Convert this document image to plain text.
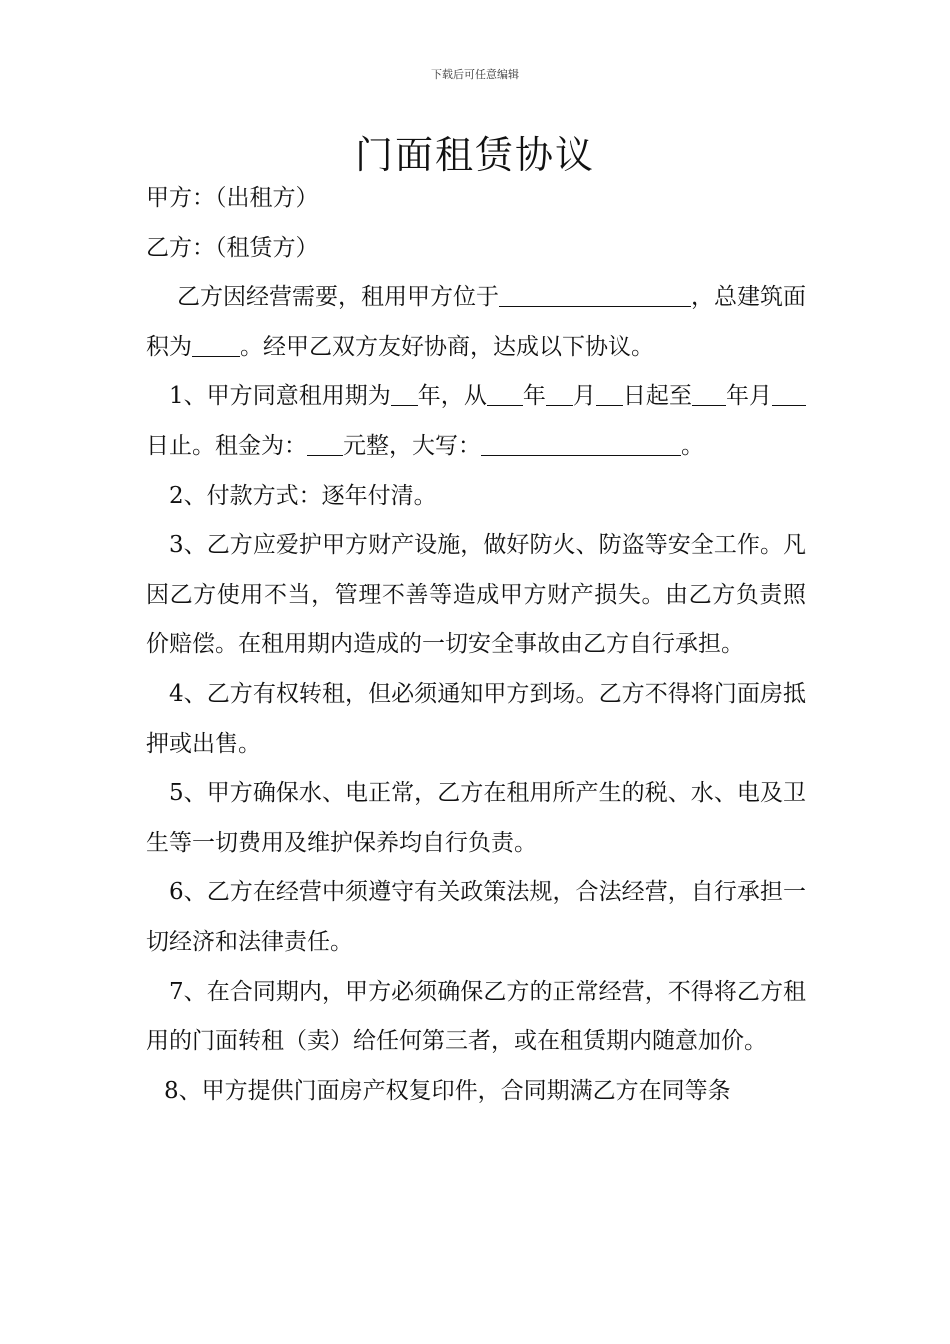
下载后可任意编辑
门面租赁协议

甲方：（出租方）

乙方：（租赁方）

乙方因经营需要，租用甲方位于	，总建筑面积为 。经甲乙双方友好协商，达成以下协议。

1、甲方同意租用期为 年，从 年 月 日起至 年月日止。租金为： 元整，大写：	。

2、付款方式：逐年付清。

3、乙方应爱护甲方财产设施，做好防火、防盗等安全工作。凡因乙方使用不当，管理不善等造成甲方财产损失。由乙方负责照价赔偿。在租用期内造成的一切安全事故由乙方自行承担。

4、乙方有权转租，但必须通知甲方到场。乙方不得将门面房抵押或出售。

5、甲方确保水、电正常，乙方在租用所产生的税、水、电及卫生等一切费用及维护保养均自行负责。

6、乙方在经营中须遵守有关政策法规，合法经营，自行承担一切经济和法律责任。

7、在合同期内，甲方必须确保乙方的正常经营，不得将乙方租用的门面转租（卖）给任何第三者，或在租赁期内随意加价。

8、甲方提供门面房产权复印件，合同期满乙方在同等条
